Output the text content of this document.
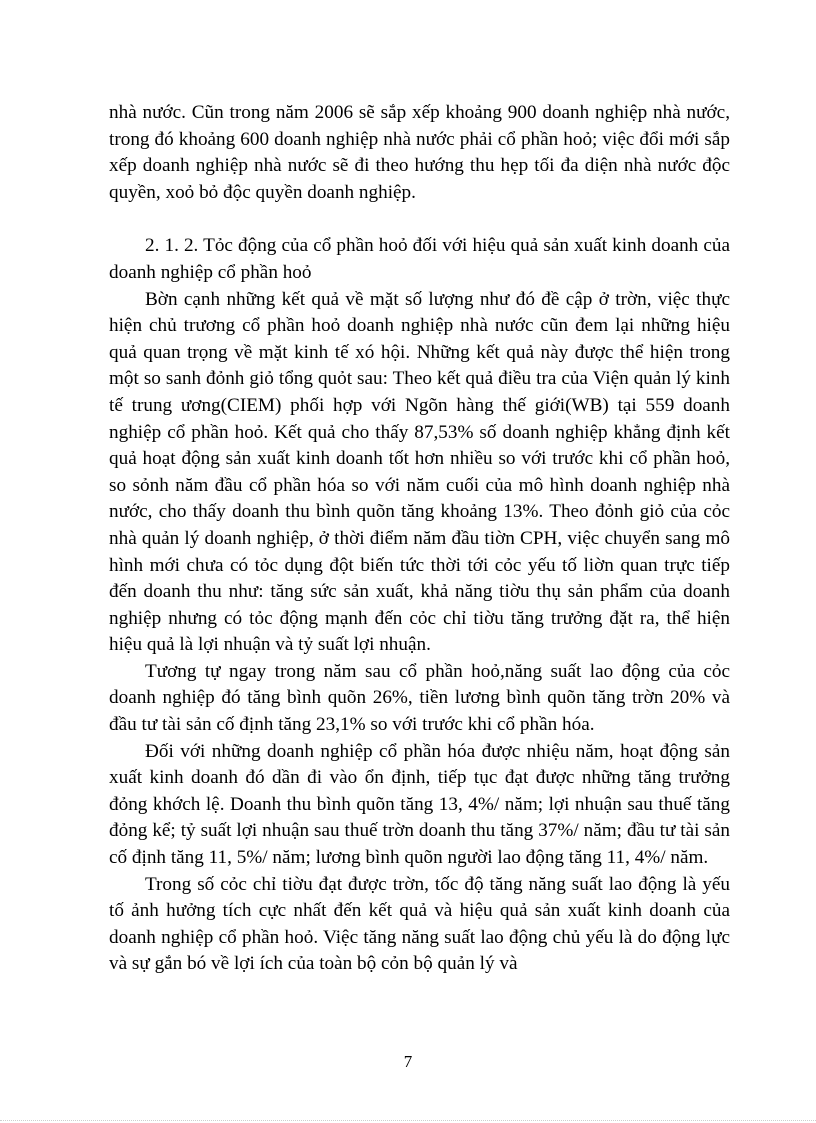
nhà nước. Cũn trong năm 2006 sẽ sắp xếp khoảng 900 doanh nghiệp nhà nước, trong đó khoảng 600 doanh nghiệp nhà nước phải cổ phần hoỏ; việc đổi mới sắp xếp doanh nghiệp nhà nước sẽ đi theo hướng thu hẹp tối đa diện nhà nước độc quyền, xoỏ bỏ độc quyền doanh nghiệp.

2. 1. 2. Tỏc động của cổ phần hoỏ đối với hiệu quả sản xuất kinh doanh của doanh nghiệp cổ phần hoỏ

Bờn cạnh những kết quả về mặt số lượng như đó đề cập ở trờn, việc thực hiện chủ trương cổ phần hoỏ doanh nghiệp nhà nước cũn đem lại những hiệu quả quan trọng về mặt kinh tế xó hội. Những kết quả này được thể hiện trong một so sanh đỏnh giỏ tổng quỏt sau: Theo kết quả điều tra của Viện quản lý kinh tế trung ương(CIEM) phối hợp với Ngõn hàng thế giới(WB) tại 559 doanh nghiệp cổ phần hoỏ. Kết quả cho thấy 87,53% số doanh nghiệp khẳng định kết quả hoạt động sản xuất kinh doanh tốt hơn nhiều so với trước khi cổ phần hoỏ, so sỏnh năm đầu cổ phần hóa so với năm cuối của mô hình doanh nghiệp nhà nước, cho thấy doanh thu bình quõn tăng khoảng 13%. Theo đỏnh giỏ của cỏc nhà quản lý doanh nghiệp, ở thời điểm năm đầu tiờn CPH, việc chuyển sang mô hình mới chưa có tỏc dụng đột biến tức thời tới cỏc yếu tố liờn quan trực tiếp đến doanh thu như: tăng sức sản xuất, khả năng tiờu thụ sản phẩm của doanh nghiệp nhưng có tỏc động mạnh đến cỏc chỉ tiờu tăng trưởng đặt ra, thể hiện hiệu quả là lợi nhuận và tỷ suất lợi nhuận.

Tương tự ngay trong năm sau cổ phần hoỏ,năng suất lao động của cỏc doanh nghiệp đó tăng bình quõn 26%, tiền lương bình quõn tăng trờn 20% và đầu tư tài sản cố định tăng 23,1% so với trước khi cổ phần hóa.

Đối với những doanh nghiệp cổ phần hóa được nhiệu năm, hoạt động sản xuất kinh doanh đó dần đi vào ổn định, tiếp tục đạt được những tăng trưởng đỏng khớch lệ. Doanh thu bình quõn tăng 13, 4%/ năm; lợi nhuận sau thuế tăng đỏng kể; tỷ suất lợi nhuận sau thuế trờn doanh thu tăng 37%/ năm; đầu tư tài sản cố định tăng 11, 5%/ năm; lương bình quõn người lao động tăng 11, 4%/ năm.

Trong số cỏc chỉ tiờu đạt được trờn, tốc độ tăng năng suất lao động là yếu tố ảnh hưởng tích cực nhất đến kết quả và hiệu quả sản xuất kinh doanh của doanh nghiệp cổ phần hoỏ. Việc tăng năng suất lao động chủ yếu là do động lực và sự gắn bó về lợi ích của toàn bộ cỏn bộ quản lý và

7
